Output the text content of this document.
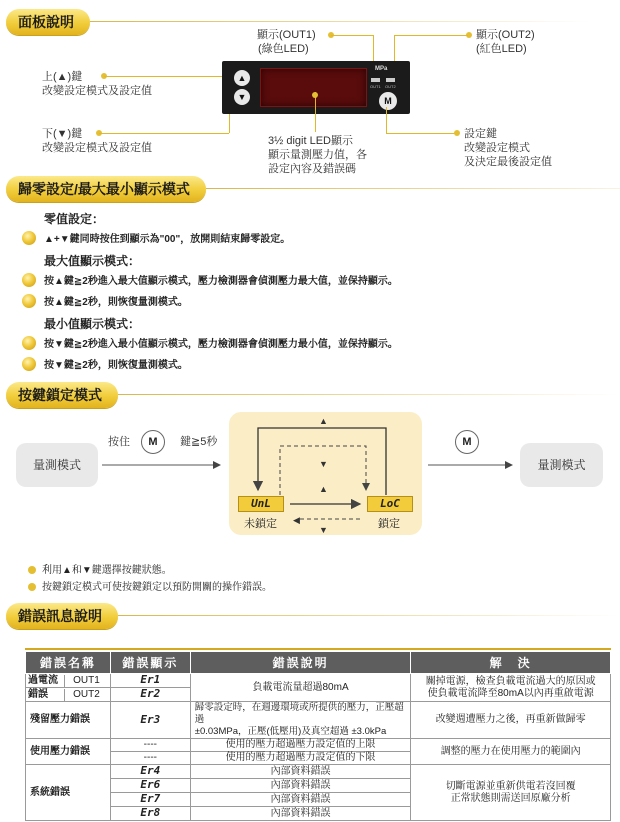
面板說明
顯示(OUT1)
(綠色LED)
顯示(OUT2)
(紅色LED)
上(▲)鍵
改變設定模式及設定值
下(▼)鍵
改變設定模式及設定值
▲
▼
MPa
OUT1 OUT2
M
3½ digit LED顯示
顯示量測壓力值，各
設定內容及錯誤碼
設定鍵
改變設定模式
及決定最後設定值
歸零設定/最大最小顯示模式
零值設定：
▲+▼鍵同時按住到顯示為"00"，放開則結束歸零設定。
最大值顯示模式：
按▲鍵≧2秒進入最大值顯示模式，壓力檢測器會偵測壓力最大值，並保持顯示。
按▲鍵≧2秒，則恢復量測模式。
最小值顯示模式：
按▼鍵≧2秒進入最小值顯示模式，壓力檢測器會偵測壓力最小值，並保持顯示。
按▼鍵≧2秒，則恢復量測模式。
按鍵鎖定模式
量測模式	量測模式
按住	M	鍵≧5秒	M
▲
▼
▲
▼
◀
UnL	LoC
未鎖定	鎖定
利用▲和▼鍵選擇按鍵狀態。
按鍵鎖定模式可使按鍵鎖定以預防開關的操作錯誤。
錯誤訊息說明
錯誤名稱	錯誤顯示	錯誤說明	解　決
過電流 OUT1	Er1	負載電流量超過80mA	關掉電源，檢查負載電流過大的原因或
使負載電流降至80mA以內再重啟電源

錯誤 OUT2	Er2		
殘留壓力錯誤	Er3	歸零設定時，在週邊環境或所提供的壓力，正壓超過
±0.03MPa，正壓(低壓用)及真空超過 ±3.0kPa	改變週遭壓力之後，再重新做歸零
使用壓力錯誤	----	使用的壓力超過壓力設定值的上限	調整的壓力在使用壓力的範圍內
	----	使用的壓力超過壓力設定值的下限	
系統錯誤	Er4	內部資料錯誤	切斷電源並重新供電若沒回覆
正常狀態則需送回原廠分析

	Er6	內部資料錯誤	
	Er7	內部資料錯誤	
	Er8	內部資料錯誤	
